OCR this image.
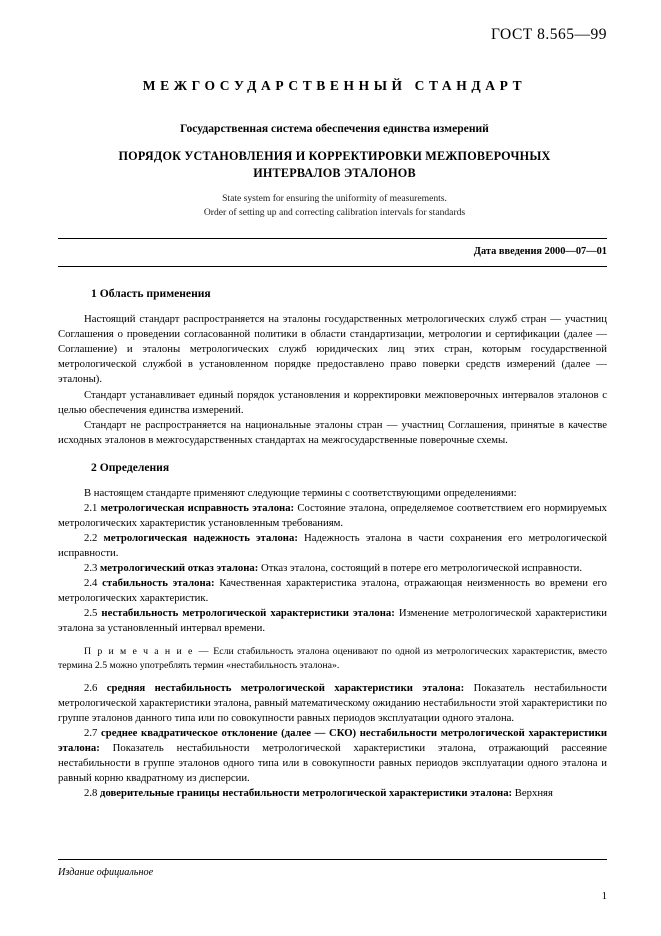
ГОСТ 8.565—99
МЕЖГОСУДАРСТВЕННЫЙ СТАНДАРТ
Государственная система обеспечения единства измерений
ПОРЯДОК УСТАНОВЛЕНИЯ И КОРРЕКТИРОВКИ МЕЖПОВЕРОЧНЫХ ИНТЕРВАЛОВ ЭТАЛОНОВ
State system for ensuring the uniformity of measurements.
Order of setting up and correcting calibration intervals for standards
Дата введения 2000—07—01
1 Область применения

Настоящий стандарт распространяется на эталоны государственных метрологических служб стран — участниц Соглашения о проведении согласованной политики в области стандартизации, метрологии и сертификации (далее — Соглашение) и эталоны метрологических служб юридических лиц этих стран, которым государственной метрологической службой в установленном порядке предоставлено право поверки средств измерений (далее — эталоны).

Стандарт устанавливает единый порядок установления и корректировки межповерочных интервалов эталонов с целью обеспечения единства измерений.

Стандарт не распространяется на национальные эталоны стран — участниц Соглашения, принятые в качестве исходных эталонов в межгосударственных стандартах на межгосударственные поверочные схемы.

2 Определения

В настоящем стандарте применяют следующие термины с соответствующими определениями:

2.1 метрологическая исправность эталона: Состояние эталона, определяемое соответствием его нормируемых метрологических характеристик установленным требованиям.

2.2 метрологическая надежность эталона: Надежность эталона в части сохранения его метрологической исправности.

2.3 метрологический отказ эталона: Отказ эталона, состоящий в потере его метрологической исправности.

2.4 стабильность эталона: Качественная характеристика эталона, отражающая неизменность во времени его метрологических характеристик.

2.5 нестабильность метрологической характеристики эталона: Изменение метрологической характеристики эталона за установленный интервал времени.

П р и м е ч а н и е — Если стабильность эталона оценивают по одной из метрологических характеристик, вместо термина 2.5 можно употреблять термин «нестабильность эталона».

2.6 средняя нестабильность метрологической характеристики эталона: Показатель нестабильности метрологической характеристики эталона, равный математическому ожиданию нестабильности этой характеристики по группе эталонов данного типа или по совокупности равных периодов эксплуатации одного эталона.

2.7 среднее квадратическое отклонение (далее — СКО) нестабильности метрологической характеристики эталона: Показатель нестабильности метрологической характеристики эталона, отражающий рассеяние нестабильности в группе эталонов одного типа или в совокупности равных периодов эксплуатации одного эталона и равный корню квадратному из дисперсии.

2.8 доверительные границы нестабильности метрологической характеристики эталона: Верхняя

Издание официальное
1
